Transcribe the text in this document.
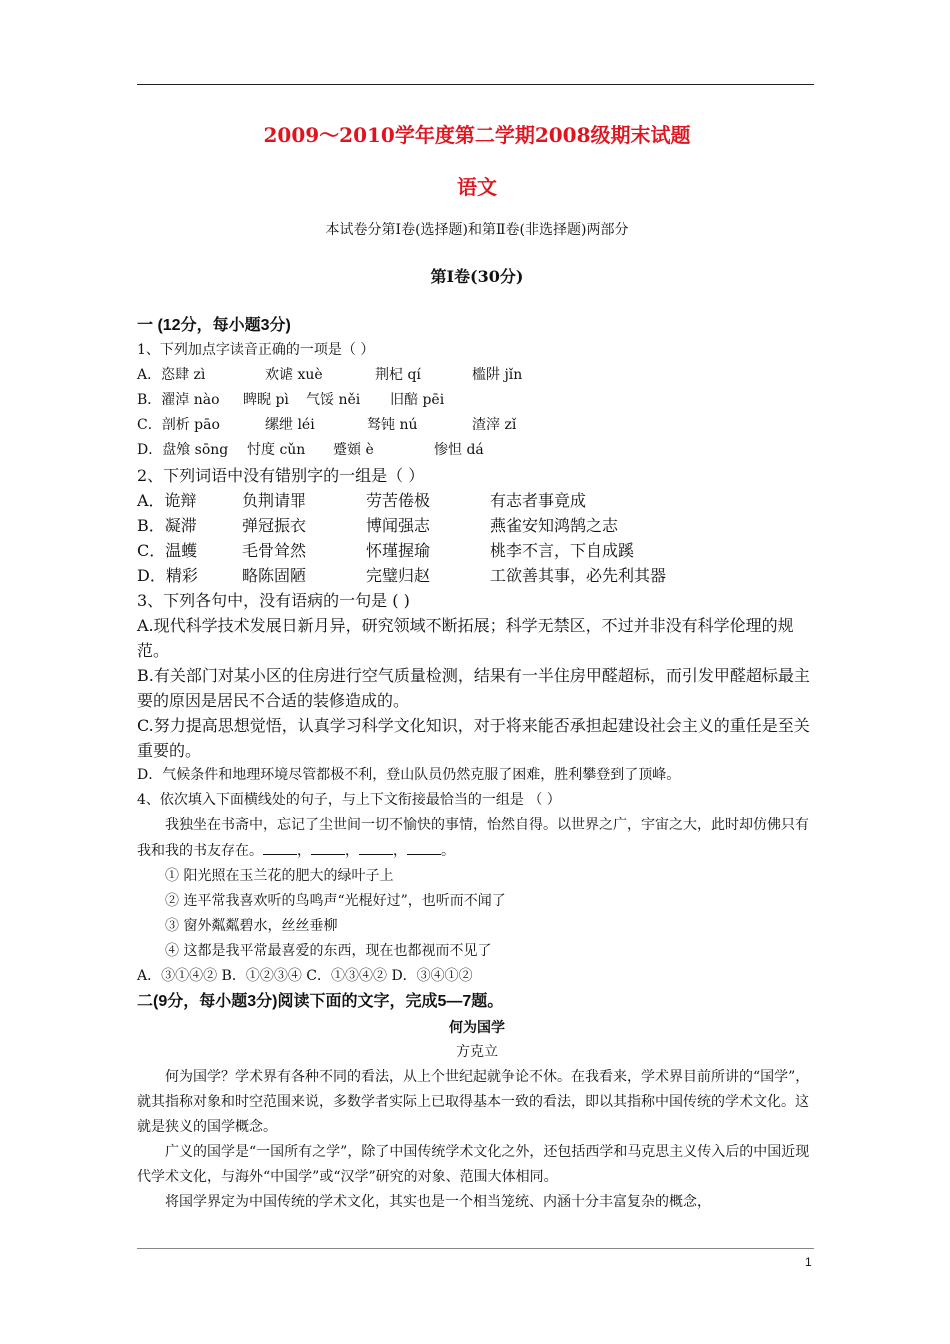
2009～2010学年度第二学期2008级期末试题
语文
本试卷分第Ⅰ卷(选择题)和第Ⅱ卷(非选择题)两部分
第Ⅰ卷(30分)
一 (12分，每小题3分)
1、下列加点字读音正确的一项是（ ）
A．恣肆 zì	欢谑 xuè	荆杞 qí	槛阱 jǐn
B．濯淖 nào 睥睨 pì 气馁 něi 旧醅 pēi
C．剖析 pāo	缧绁 léi	驽钝 nú	渣滓 zǐ
D．盘飧 sōng 忖度 cǔn 蹙頞 è	惨怛 dá
2、下列词语中没有错别字的一组是（ ）
A．诡辩	负荆请罪	劳苦倦极	有志者事竟成
B．凝滞	弹冠振衣	博闻强志	燕雀安知鸿鹄之志
C．温蠖	毛骨耸然	怀瑾握瑜	桃李不言，下自成蹊
D．精彩	略陈固陋	完璧归赵	工欲善其事，必先利其器
3、下列各句中，没有语病的一句是 ( )
A.现代科学技术发展日新月异，研究领域不断拓展；科学无禁区，不过并非没有科学伦理的规范。
B.有关部门对某小区的住房进行空气质量检测，结果有一半住房甲醛超标，而引发甲醛超标最主要的原因是居民不合适的装修造成的。
C.努力提高思想觉悟，认真学习科学文化知识，对于将来能否承担起建设社会主义的重任是至关重要的。
D．气候条件和地理环境尽管都极不利，登山队员仍然克服了困难，胜利攀登到了顶峰。
4、依次填入下面横线处的句子，与上下文衔接最恰当的一组是 （ ）
我独坐在书斋中，忘记了尘世间一切不愉快的事情，怡然自得。以世界之广，宇宙之大，此时却仿佛只有我和我的书友存在。 ， ， ， 。
① 阳光照在玉兰花的肥大的绿叶子上
② 连平常我喜欢听的鸟鸣声“光棍好过”，也听而不闻了
③ 窗外粼粼碧水，丝丝垂柳
④ 这都是我平常最喜爱的东西，现在也都视而不见了
A．③①④② B．①②③④ C．①③④② D．③④①②
二(9分，每小题3分)阅读下面的文字，完成5—7题。
何为国学
方克立
何为国学？学术界有各种不同的看法，从上个世纪起就争论不休。在我看来，学术界目前所讲的“国学”，就其指称对象和时空范围来说，多数学者实际上已取得基本一致的看法，即以其指称中国传统的学术文化。这就是狭义的国学概念。
广义的国学是“一国所有之学”，除了中国传统学术文化之外，还包括西学和马克思主义传入后的中国近现代学术文化，与海外“中国学”或“汉学”研究的对象、范围大体相同。
将国学界定为中国传统的学术文化，其实也是一个相当笼统、内涵十分丰富复杂的概念，
1
